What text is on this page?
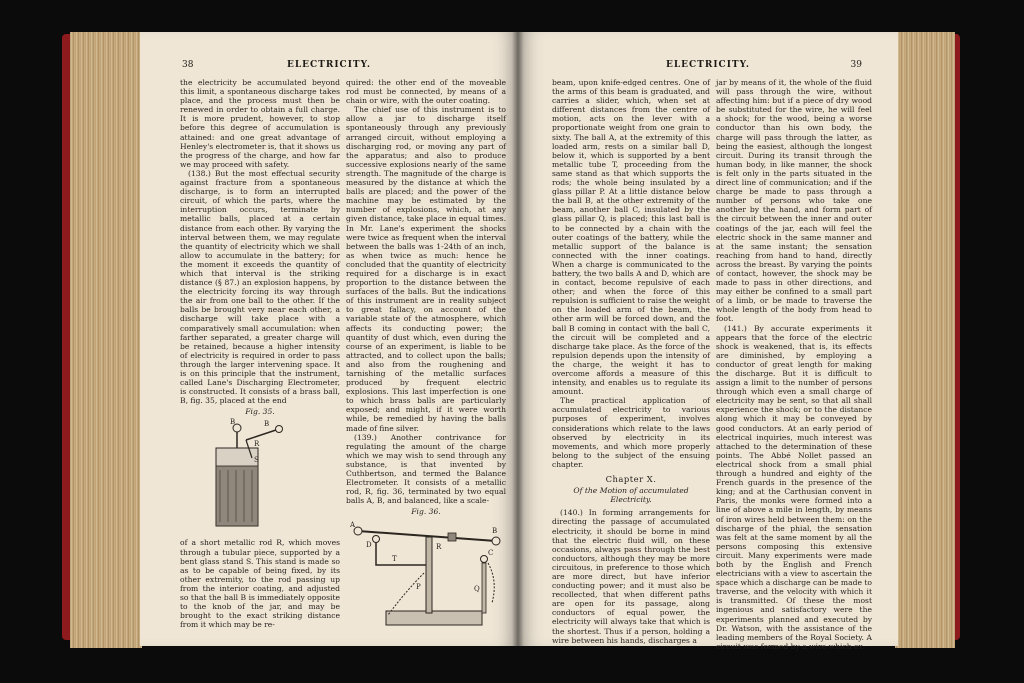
38	ELECTRICITY.

the electricity be accumulated beyond this limit, a spontaneous discharge takes place, and the process must then be renewed in order to obtain a full charge. It is more prudent, however, to stop before this degree of accumulation is attained: and one great advantage of Henley's electrometer is, that it shows us the progress of the charge, and how far we may proceed with safety.

(138.) But the most effectual security against fracture from a spontaneous discharge, is to form an interrupted circuit, of which the parts, where the interruption occurs, terminate by metallic balls, placed at a certain distance from each other. By varying the interval between them, we may regulate the quantity of electricity which we shall allow to accumulate in the battery; for the moment it exceeds the quantity of which that interval is the striking distance (§ 87.) an explosion happens, by the electricity forcing its way through the air from one ball to the other. If the balls be brought very near each other, a discharge will take place with a comparatively small accumulation: when farther separated, a greater charge will be retained, because a higher intensity of electricity is required in order to pass through the larger intervening space. It is on this principle that the instrument, called Lane's Discharging Electrometer, is constructed. It consists of a brass ball, B, fig. 35, placed at the end

Fig. 35.
B	B
R
S

of a short metallic rod R, which moves through a tubular piece, supported by a bent glass stand S. This stand is made so as to be capable of being fixed, by its other extremity, to the rod passing up from the interior coating, and adjusted so that the ball B is immediately opposite to the knob of the jar, and may be brought to the exact striking distance from it which may be re-

quired: the other end of the moveable rod must be connected, by means of a chain or wire, with the outer coating.

The chief use of this instrument is to allow a jar to discharge itself spontaneously through any previously arranged circuit, without employing a discharging rod, or moving any part of the apparatus; and also to produce successive explosions nearly of the same strength. The magnitude of the charge is measured by the distance at which the balls are placed; and the power of the machine may be estimated by the number of explosions, which, at any given distance, take place in equal times. In Mr. Lane's experiment the shocks were twice as frequent when the interval between the balls was 1-24th of an inch, as when twice as much: hence he concluded that the quantity of electricity required for a discharge is in exact proportion to the distance between the surfaces of the balls. But the indications of this instrument are in reality subject to great fallacy, on account of the variable state of the atmosphere, which affects its conducting power; the quantity of dust which, even during the course of an experiment, is liable to be attracted, and to collect upon the balls; and also from the roughening and tarnishing of the metallic surfaces produced by frequent electric explosions. This last imperfection is one to which brass balls are particularly exposed; and might, if it were worth while, be remedied by having the balls made of fine silver.

(139.) Another contrivance for regulating the amount of the charge which we may wish to send through any substance, is that invented by Cuthbertson, and termed the Balance Electrometer. It consists of a metallic rod, R, fig. 36, terminated by two equal balls A, B, and balanced, like a scale-

Fig. 36.
A
B
D
T
C
P	Q
R
ELECTRICITY.	39

beam, upon knife-edged centres. One of the arms of this beam is graduated, and carries a slider, which, when set at different distances from the centre of motion, acts on the lever with a proportionate weight from one grain to sixty. The ball A, at the extremity of this loaded arm, rests on a similar ball D, below it, which is supported by a bent metallic tube T, proceeding from the same stand as that which supports the rods; the whole being insulated by a glass pillar P. At a little distance below the ball B, at the other extremity of the beam, another ball C, insulated by the glass pillar Q, is placed; this last ball is to be connected by a chain with the outer coatings of the battery, while the metallic support of the balance is connected with the inner coatings. When a charge is communicated to the battery, the two balls A and D, which are in contact, become repulsive of each other; and when the force of this repulsion is sufficient to raise the weight on the loaded arm of the beam, the other arm will be forced down, and the ball B coming in contact with the ball C, the circuit will be completed and a discharge take place. As the force of the repulsion depends upon the intensity of the charge, the weight it has to overcome affords a measure of this intensity, and enables us to regulate its amount.

The practical application of accumulated electricity to various purposes of experiment, involves considerations which relate to the laws observed by electricity in its movements, and which more properly belong to the subject of the ensuing chapter.

Chapter X.
Of the Motion of accumulated Electricity.

(140.) In forming arrangements for directing the passage of accumulated electricity, it should be borne in mind that the electric fluid will, on these occasions, always pass through the best conductors, although they may be more circuitous, in preference to those which are more direct, but have inferior conducting power; and it must also be recollected, that when different paths are open for its passage, along conductors of equal power, the electricity will always take that which is the shortest. Thus if a person, holding a wire between his hands, discharges a

jar by means of it, the whole of the fluid will pass through the wire, without affecting him: but if a piece of dry wood be substituted for the wire, he will feel a shock; for the wood, being a worse conductor than his own body, the charge will pass through the latter, as being the easiest, although the longest circuit. During its transit through the human body, in like manner, the shock is felt only in the parts situated in the direct line of communication; and if the charge be made to pass through a number of persons who take one another by the hand, and form part of the circuit between the inner and outer coatings of the jar, each will feel the electric shock in the same manner and at the same instant; the sensation reaching from hand to hand, directly across the breast. By varying the points of contact, however, the shock may be made to pass in other directions, and may either be confined to a small part of a limb, or be made to traverse the whole length of the body from head to foot.

(141.) By accurate experiments it appears that the force of the electric shock is weakened, that is, its effects are diminished, by employing a conductor of great length for making the discharge. But it is difficult to assign a limit to the number of persons through which even a small charge of electricity may be sent, so that all shall experience the shock; or to the distance along which it may be conveyed by good conductors. At an early period of electrical inquiries, much interest was attached to the determination of these points. The Abbé Nollet passed an electrical shock from a small phial through a hundred and eighty of the French guards in the presence of the king; and at the Carthusian convent in Paris, the monks were formed into a line of above a mile in length, by means of iron wires held between them: on the discharge of the phial, the sensation was felt at the same moment by all the persons composing this extensive circuit. Many experiments were made both by the English and French electricians with a view to ascertain the space which a discharge can be made to traverse, and the velocity with which it is transmitted. Of these the most ingenious and satisfactory were the experiments planned and executed by Dr. Watson, with the assistance of the leading members of the Royal Society. A circuit was formed by a wire which ex-
